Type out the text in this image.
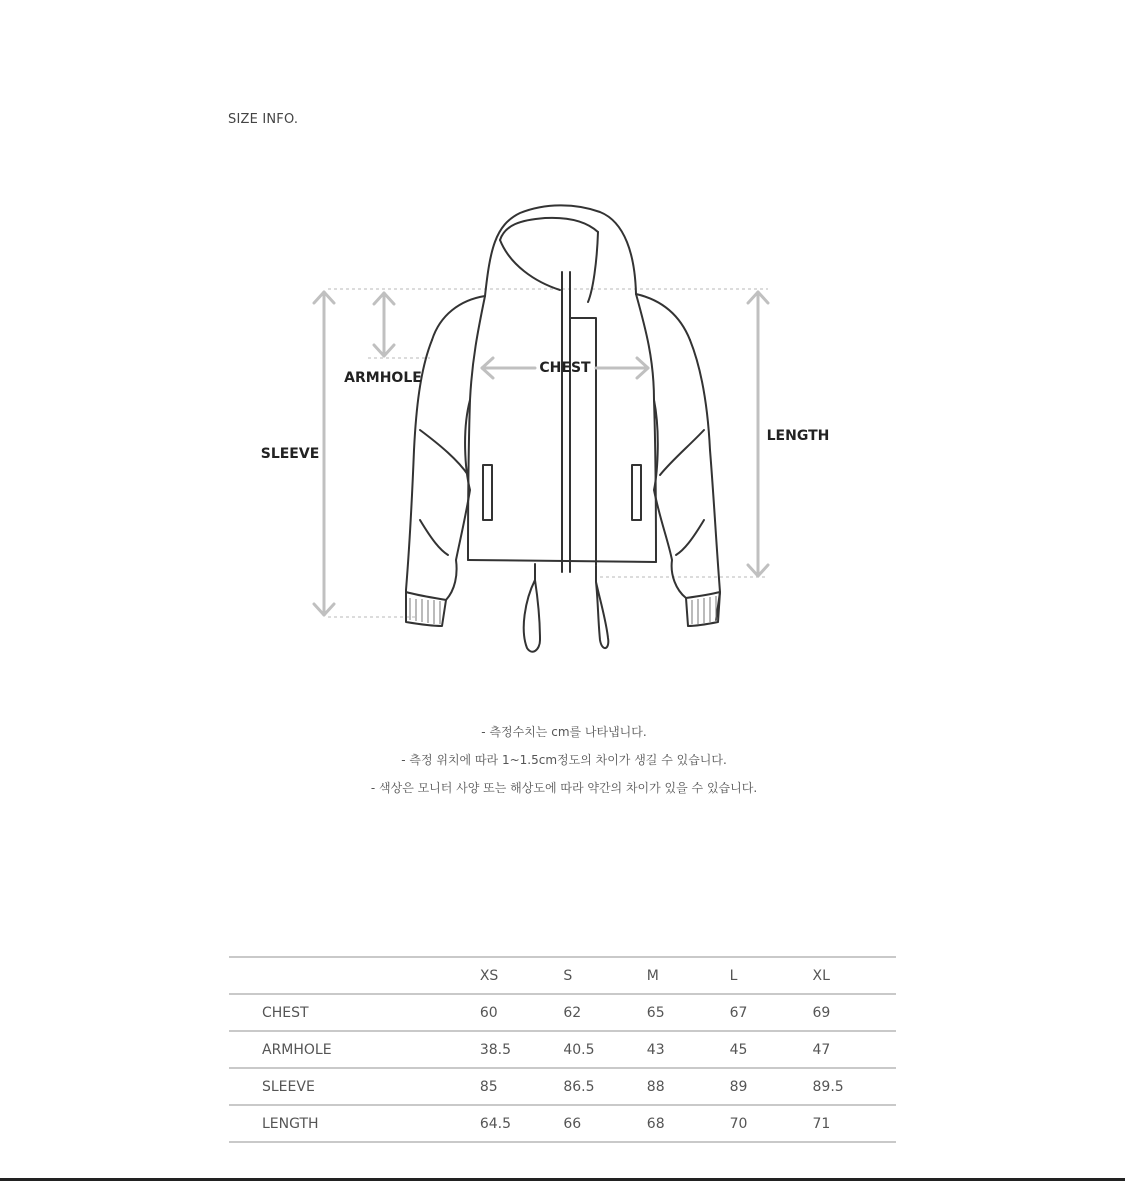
SIZE INFO.
CHEST
ARMHOLE
SLEEVE
LENGTH
- 측정수치는 cm를 나타냅니다.
- 측정 위치에 따라 1~1.5cm정도의 차이가 생길 수 있습니다.
- 색상은 모니터 사양 또는 해상도에 따라 약간의 차이가 있을 수 있습니다.
	XS	S	M	L	XL
CHEST	60	62	65	67	69
ARMHOLE	38.5	40.5	43	45	47
SLEEVE	85	86.5	88	89	89.5
LENGTH	64.5	66	68	70	71
